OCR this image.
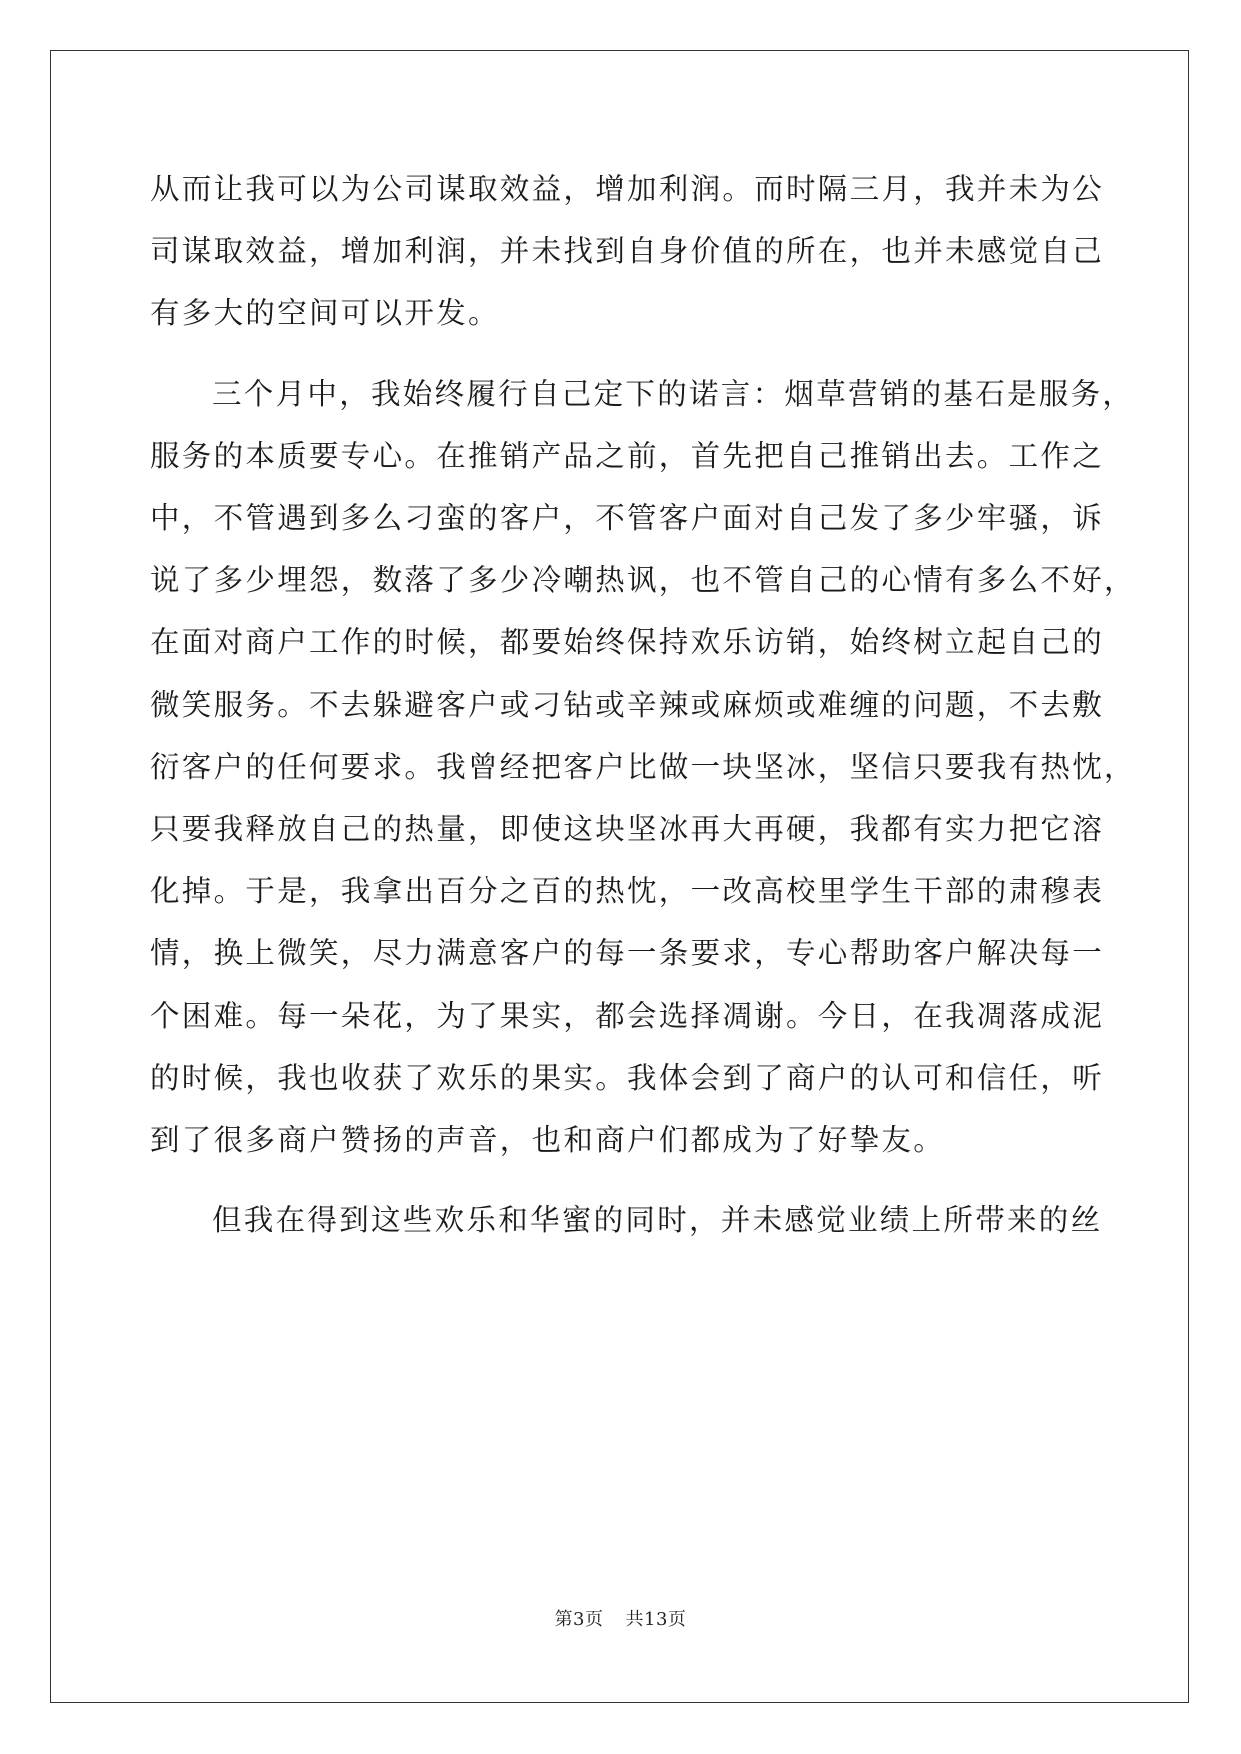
从而让我可以为公司谋取效益，增加利润。而时隔三月，我并未为公
司谋取效益，增加利润，并未找到自身价值的所在，也并未感觉自己
有多大的空间可以开发。

三个月中，我始终履行自己定下的诺言：烟草营销的基石是服务，
服务的本质要专心。在推销产品之前，首先把自己推销出去。工作之
中，不管遇到多么刁蛮的客户，不管客户面对自己发了多少牢骚，诉
说了多少埋怨，数落了多少冷嘲热讽，也不管自己的心情有多么不好，
在面对商户工作的时候，都要始终保持欢乐访销，始终树立起自己的
微笑服务。不去躲避客户或刁钻或辛辣或麻烦或难缠的问题，不去敷
衍客户的任何要求。我曾经把客户比做一块坚冰，坚信只要我有热忱，
只要我释放自己的热量，即使这块坚冰再大再硬，我都有实力把它溶
化掉。于是，我拿出百分之百的热忱，一改高校里学生干部的肃穆表
情，换上微笑，尽力满意客户的每一条要求，专心帮助客户解决每一
个困难。每一朵花，为了果实，都会选择凋谢。今日，在我凋落成泥
的时候，我也收获了欢乐的果实。我体会到了商户的认可和信任，听
到了很多商户赞扬的声音，也和商户们都成为了好挚友。

但我在得到这些欢乐和华蜜的同时，并未感觉业绩上所带来的丝

第3页 共13页
